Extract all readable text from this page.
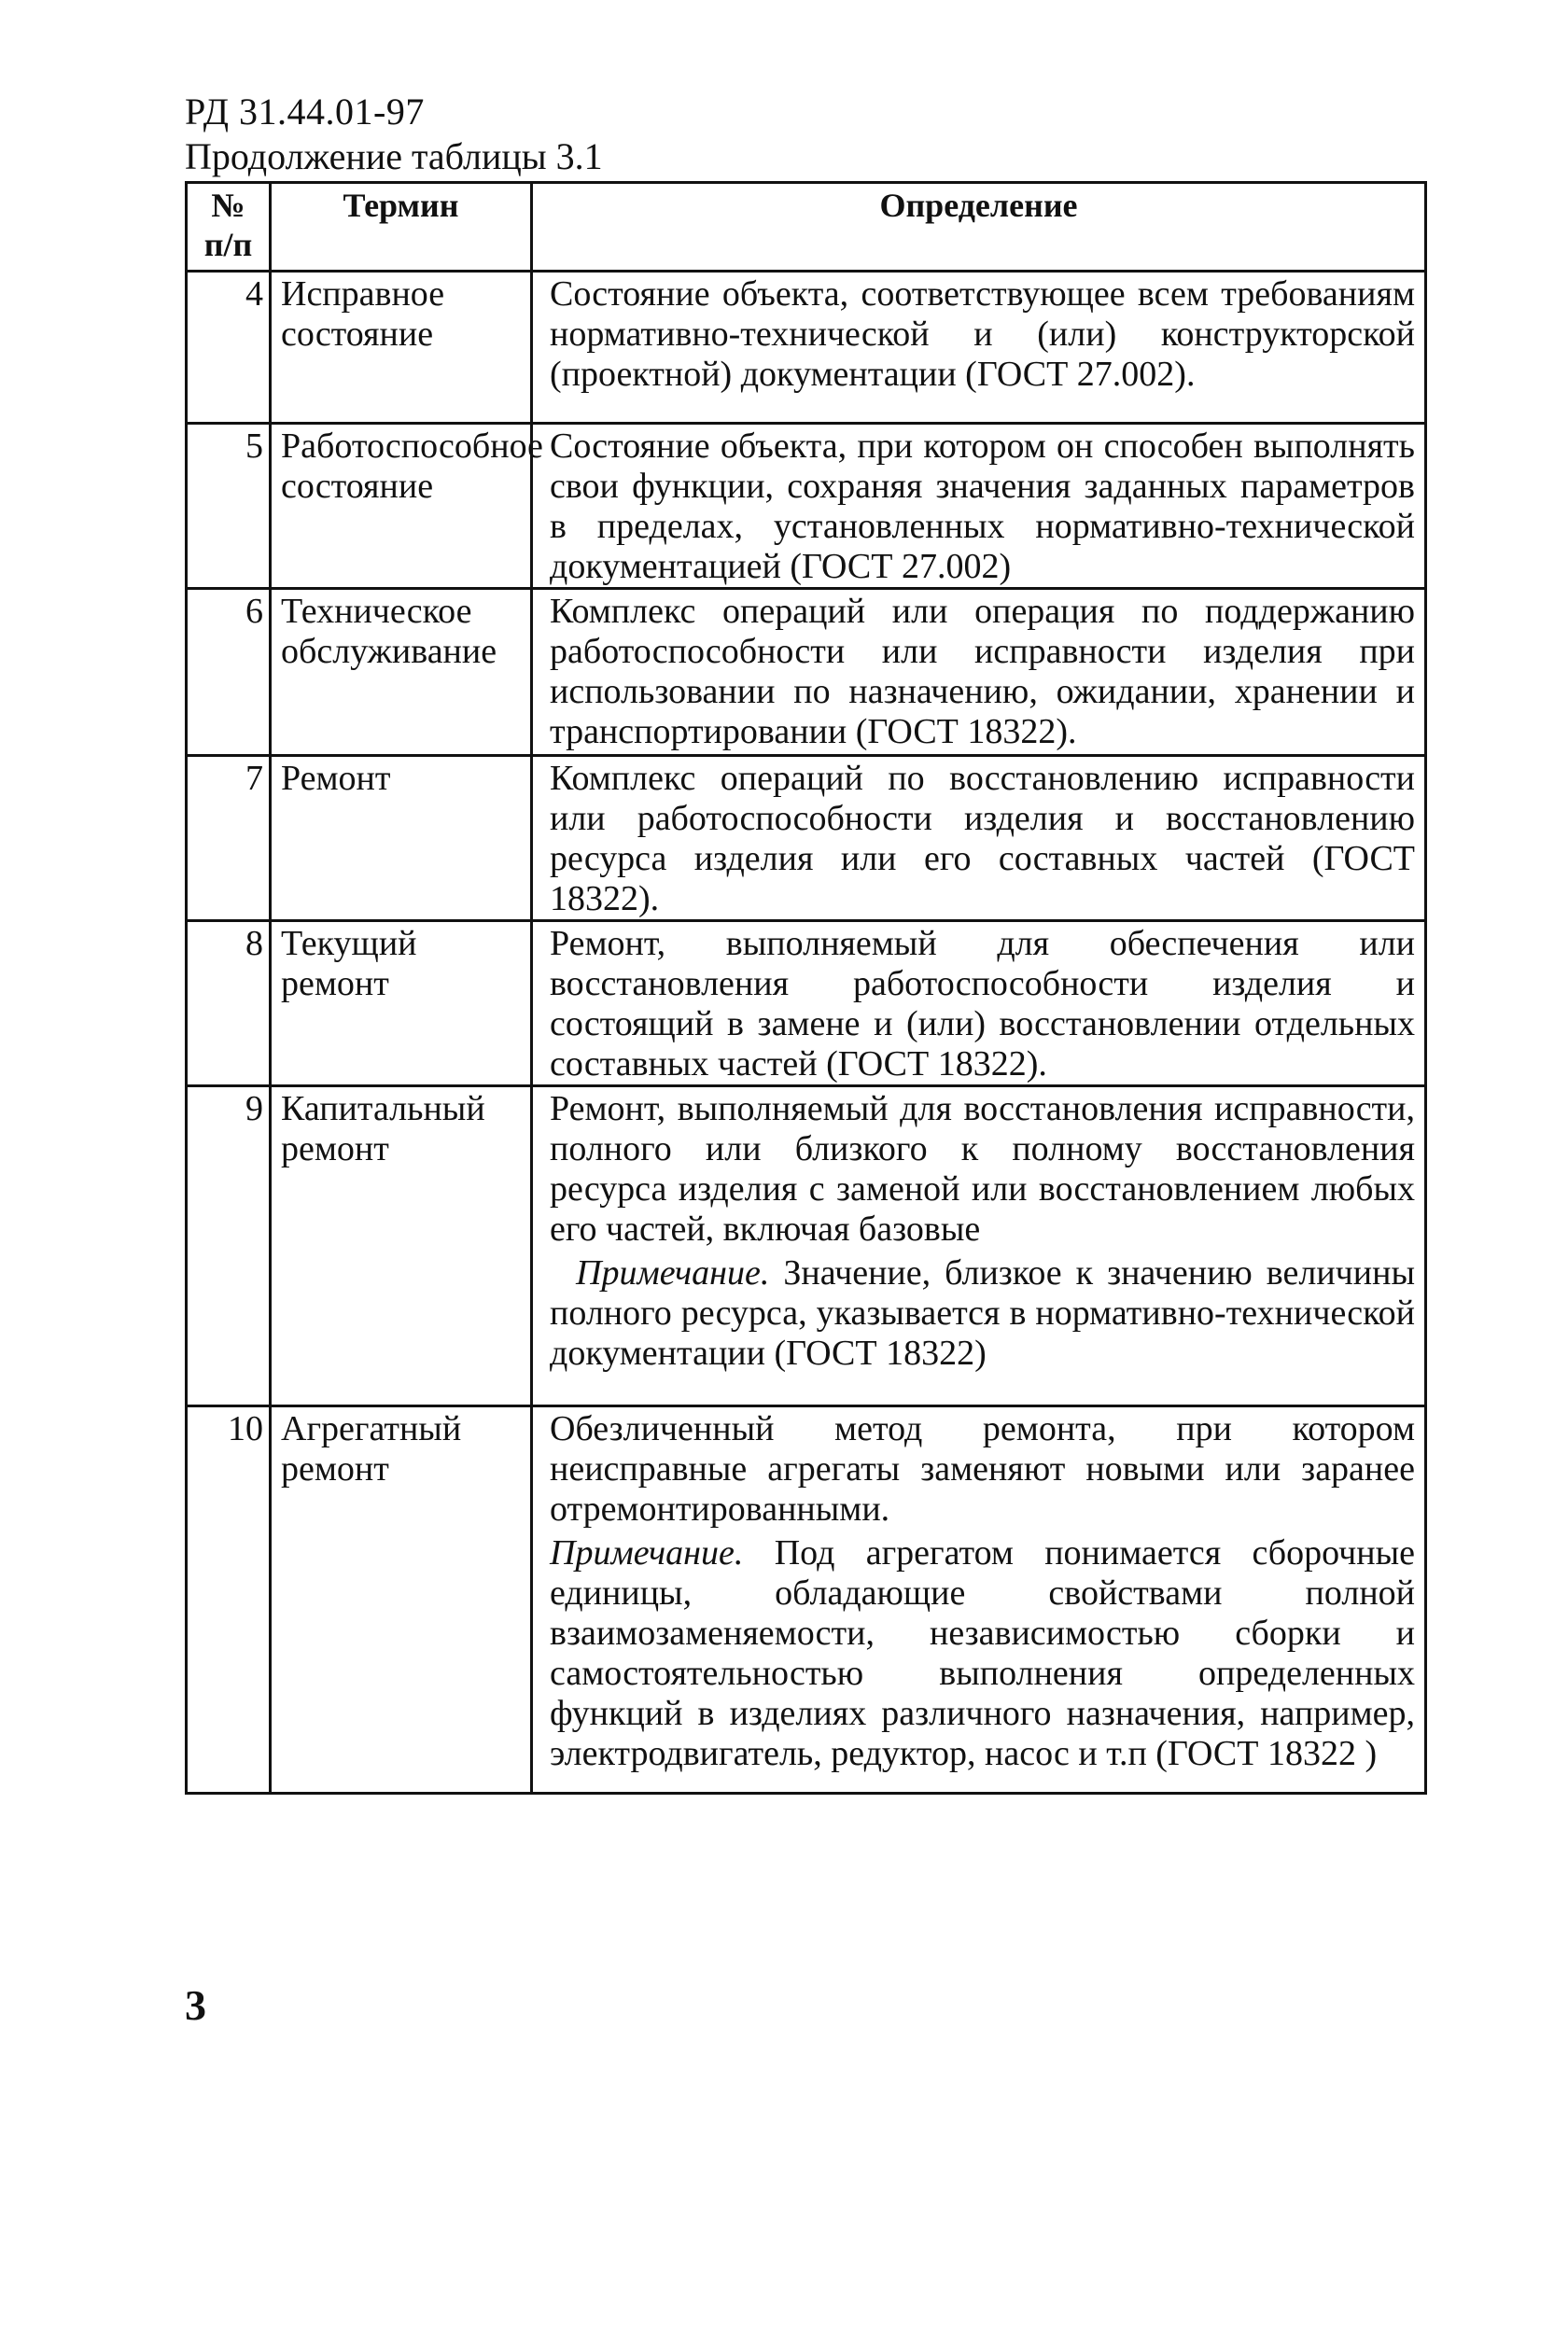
РД 31.44.01-97
Продолжение таблицы 3.1
№ п/п	Термин	Определение
4	Исправное состояние	Состояние объекта, соответствующее всем требованиям нормативно-технической и (или) конструкторской (проектной) документации (ГОСТ 27.002).

5	Работоспособное состояние	Состояние объекта, при котором он способен выполнять свои функции, сохраняя значения заданных параметров в пределах, установленных нормативно-технической документацией (ГОСТ 27.002)

6	Техническое обслуживание	Комплекс операций или операция по поддержанию работоспособности или исправности изделия при использовании по назначению, ожидании, хранении и транспортировании (ГОСТ 18322).

7	Ремонт	Комплекс операций по восстановлению исправности или работоспособности изделия и восстановлению ресурса изделия или его составных частей (ГОСТ 18322).

8	Текущий ремонт	Ремонт, выполняемый для обеспечения или восстановления работоспособности изделия и состоящий в замене и (или) восстановлении отдельных составных частей (ГОСТ 18322).

9	Капитальный ремонт	Ремонт, выполняемый для восстановления исправности, полного или близкого к полному восстановления ресурса изделия с заменой или восстановлением любых его частей, включая базовые
Примечание. Значение, близкое к значению величины полного ресурса, указывается в нормативно-технической документации (ГОСТ 18322)

10	Агрегатный ремонт	Обезличенный метод ремонта, при котором неисправные агрегаты заменяют новыми или заранее отремонтированными.
Примечание. Под агрегатом понимается сборочные единицы, обладающие свойствами полной взаимозаменяемости, независимостью сборки и самостоятельностью выполнения определенных функций в изделиях различного назначения, например, электродвигатель, редуктор, насос и т.п (ГОСТ 18322 )
3
